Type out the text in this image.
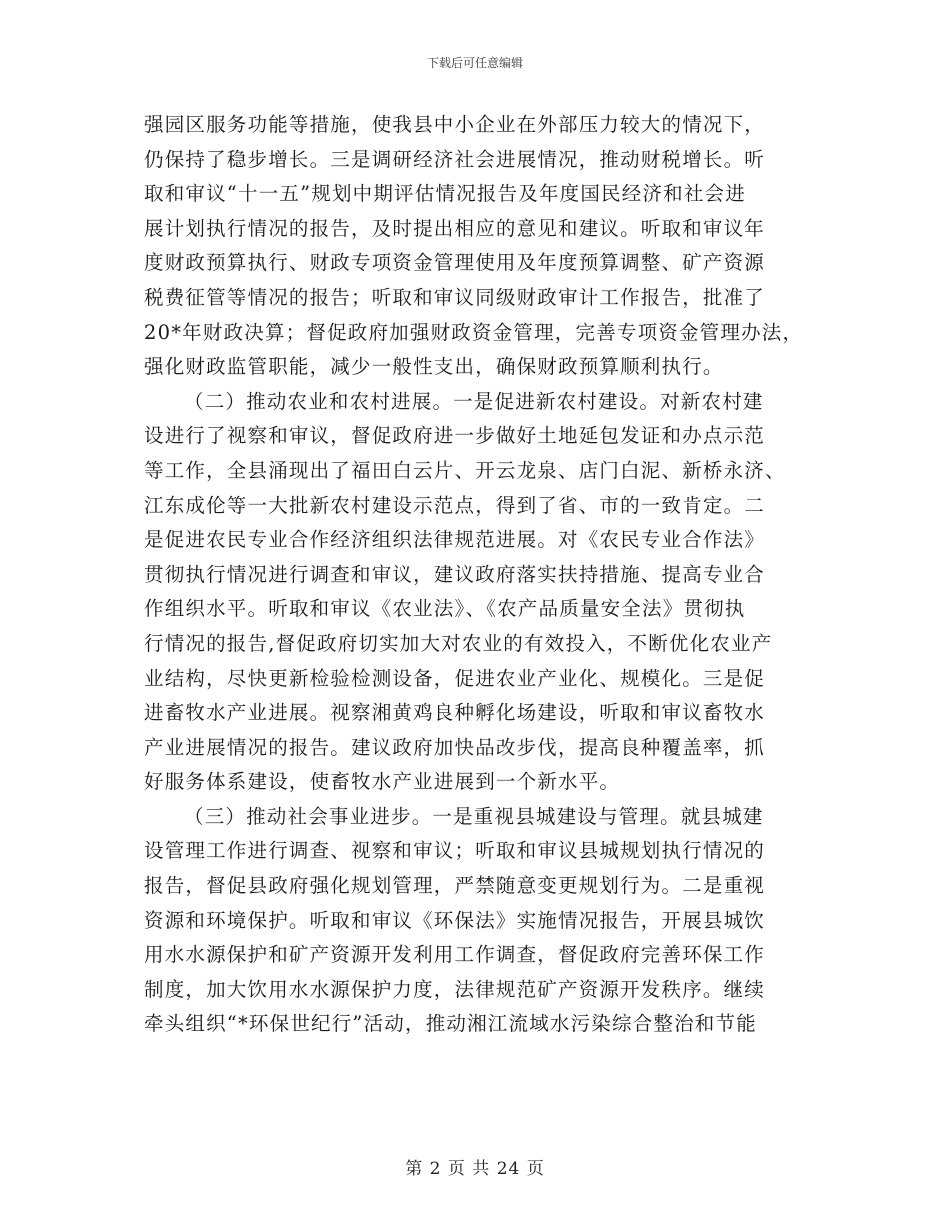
下载后可任意编辑
强园区服务功能等措施，使我县中小企业在外部压力较大的情况下，
仍保持了稳步增长。三是调研经济社会进展情况，推动财税增长。听
取和审议“十一五”规划中期评估情况报告及年度国民经济和社会进
展计划执行情况的报告，及时提出相应的意见和建议。听取和审议年
度财政预算执行、财政专项资金管理使用及年度预算调整、矿产资源
税费征管等情况的报告；听取和审议同级财政审计工作报告，批准了
20*年财政决算；督促政府加强财政资金管理，完善专项资金管理办法，
强化财政监管职能，减少一般性支出，确保财政预算顺利执行。
（二）推动农业和农村进展。一是促进新农村建设。对新农村建
设进行了视察和审议，督促政府进一步做好土地延包发证和办点示范
等工作，全县涌现出了福田白云片、开云龙泉、店门白泥、新桥永济、
江东成伦等一大批新农村建设示范点，得到了省、市的一致肯定。二
是促进农民专业合作经济组织法律规范进展。对《农民专业合作法》
贯彻执行情况进行调查和审议，建议政府落实扶持措施、提高专业合
作组织水平。听取和审议《农业法》、《农产品质量安全法》贯彻执
行情况的报告,督促政府切实加大对农业的有效投入，不断优化农业产
业结构，尽快更新检验检测设备，促进农业产业化、规模化。三是促
进畜牧水产业进展。视察湘黄鸡良种孵化场建设，听取和审议畜牧水
产业进展情况的报告。建议政府加快品改步伐，提高良种覆盖率，抓
好服务体系建设，使畜牧水产业进展到一个新水平。
（三）推动社会事业进步。一是重视县城建设与管理。就县城建
设管理工作进行调查、视察和审议；听取和审议县城规划执行情况的
报告，督促县政府强化规划管理，严禁随意变更规划行为。二是重视
资源和环境保护。听取和审议《环保法》实施情况报告，开展县城饮
用水水源保护和矿产资源开发利用工作调查，督促政府完善环保工作
制度，加大饮用水水源保护力度，法律规范矿产资源开发秩序。继续
牵头组织“*环保世纪行”活动，推动湘江流域水污染综合整治和节能
第 2 页 共 24 页
